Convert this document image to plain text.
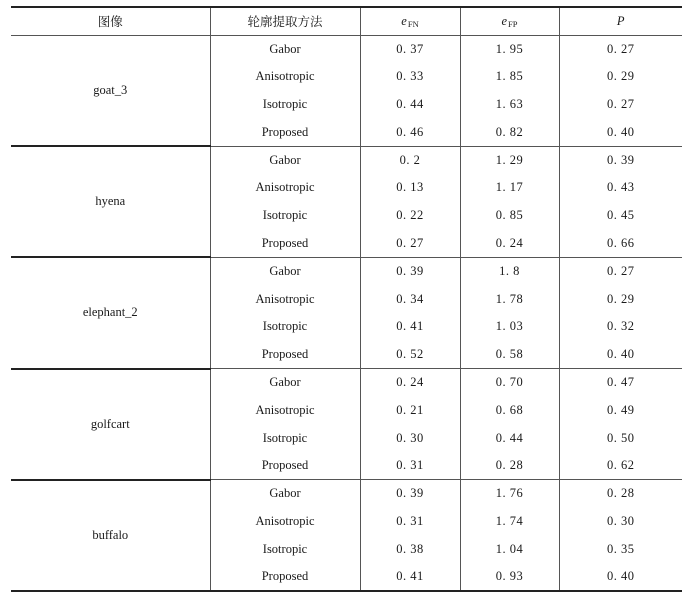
图像	轮廓提取方法	$e_{FN}$	$e_{FP}$	P
goat_3	Gabor	0. 37	1. 95	0. 27
	Anisotropic	0. 33	1. 85	0. 29
	Isotropic	0. 44	1. 63	0. 27
	Proposed	0. 46	0. 82	0. 40
hyena	Gabor	0. 2	1. 29	0. 39
	Anisotropic	0. 13	1. 17	0. 43
	Isotropic	0. 22	0. 85	0. 45
	Proposed	0. 27	0. 24	0. 66
elephant_2	Gabor	0. 39	1. 8	0. 27
	Anisotropic	0. 34	1. 78	0. 29
	Isotropic	0. 41	1. 03	0. 32
	Proposed	0. 52	0. 58	0. 40
golfcart	Gabor	0. 24	0. 70	0. 47
	Anisotropic	0. 21	0. 68	0. 49
	Isotropic	0. 30	0. 44	0. 50
	Proposed	0. 31	0. 28	0. 62
buffalo	Gabor	0. 39	1. 76	0. 28
	Anisotropic	0. 31	1. 74	0. 30
	Isotropic	0. 38	1. 04	0. 35
	Proposed	0. 41	0. 93	0. 40
